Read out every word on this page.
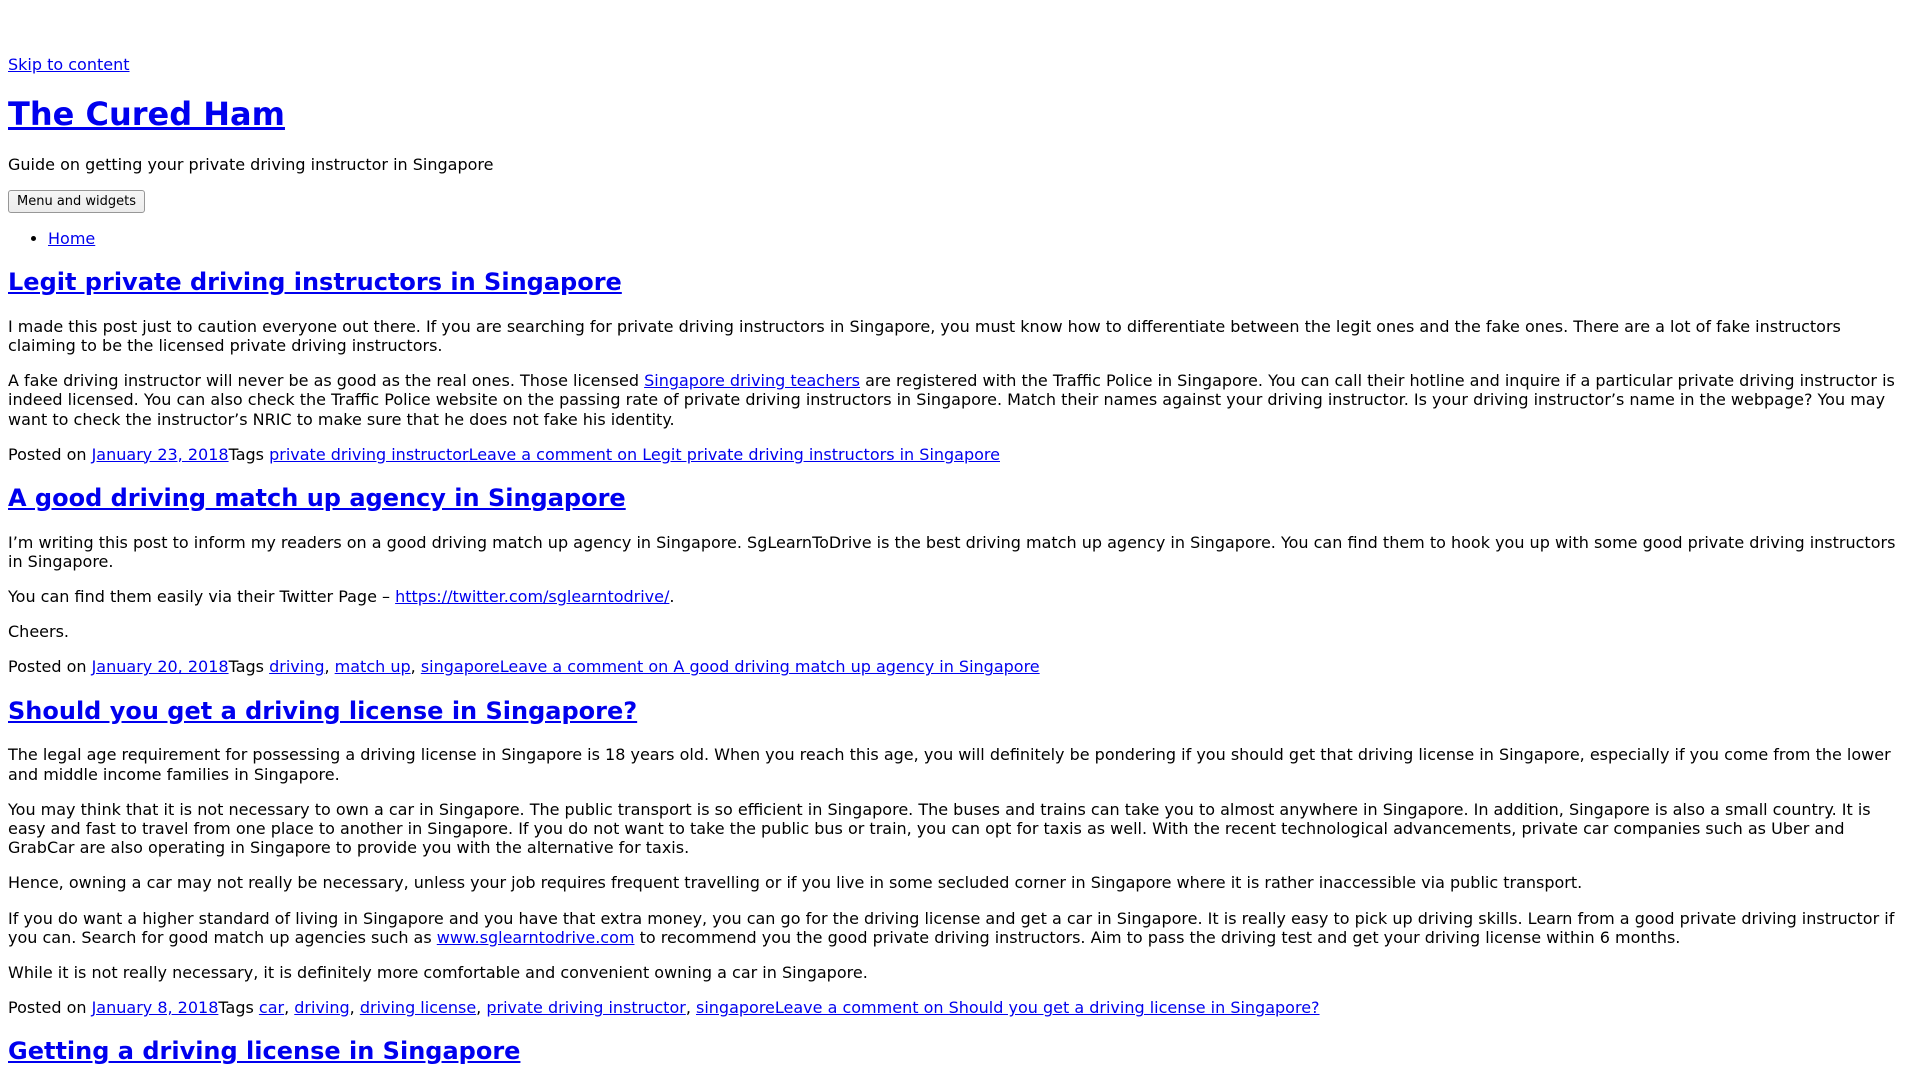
Skip to content

The Cured Ham

Guide on getting your private driving instructor in Singapore

Menu and widgets
• Home
Legit private driving instructors in Singapore

I made this post just to caution everyone out there. If you are searching for private driving instructors in Singapore, you must know how to differentiate between the legit ones and the fake ones. There are a lot of fake instructors claiming to be the licensed private driving instructors.

A fake driving instructor will never be as good as the real ones. Those licensed Singapore driving teachers are registered with the Traffic Police in Singapore. You can call their hotline and inquire if a particular private driving instructor is indeed licensed. You can also check the Traffic Police website on the passing rate of private driving instructors in Singapore. Match their names against your driving instructor. Is your driving instructor’s name in the webpage? You may want to check the instructor’s NRIC to make sure that he does not fake his identity.

Posted on January 23, 2018Tags private driving instructorLeave a comment on Legit private driving instructors in Singapore

A good driving match up agency in Singapore

I’m writing this post to inform my readers on a good driving match up agency in Singapore. SgLearnToDrive is the best driving match up agency in Singapore. You can find them to hook you up with some good private driving instructors in Singapore.

You can find them easily via their Twitter Page – https://twitter.com/sglearntodrive/.

Cheers.

Posted on January 20, 2018Tags driving, match up, singaporeLeave a comment on A good driving match up agency in Singapore

Should you get a driving license in Singapore?

The legal age requirement for possessing a driving license in Singapore is 18 years old. When you reach this age, you will definitely be pondering if you should get that driving license in Singapore, especially if you come from the lower and middle income families in Singapore.

You may think that it is not necessary to own a car in Singapore. The public transport is so efficient in Singapore. The buses and trains can take you to almost anywhere in Singapore. In addition, Singapore is also a small country. It is easy and fast to travel from one place to another in Singapore. If you do not want to take the public bus or train, you can opt for taxis as well. With the recent technological advancements, private car companies such as Uber and GrabCar are also operating in Singapore to provide you with the alternative for taxis.

Hence, owning a car may not really be necessary, unless your job requires frequent travelling or if you live in some secluded corner in Singapore where it is rather inaccessible via public transport.

If you do want a higher standard of living in Singapore and you have that extra money, you can go for the driving license and get a car in Singapore. It is really easy to pick up driving skills. Learn from a good private driving instructor if you can. Search for good match up agencies such as www.sglearntodrive.com to recommend you the good private driving instructors. Aim to pass the driving test and get your driving license within 6 months.

While it is not really necessary, it is definitely more comfortable and convenient owning a car in Singapore.

Posted on January 8, 2018Tags car, driving, driving license, private driving instructor, singaporeLeave a comment on Should you get a driving license in Singapore?

Getting a driving license in Singapore
